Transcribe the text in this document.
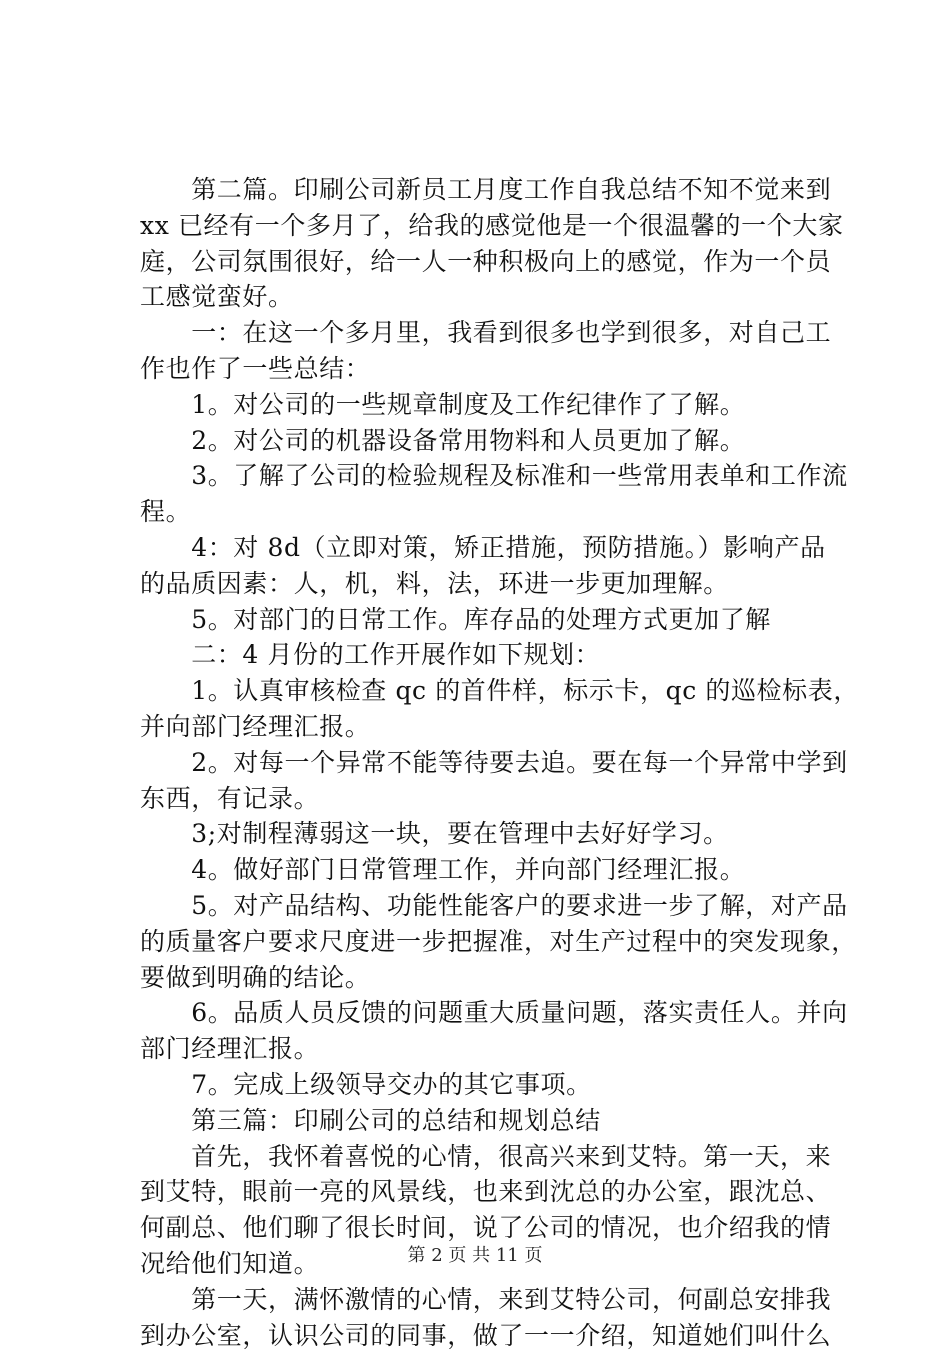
　　第二篇。印刷公司新员工月度工作自我总结不知不觉来到
xx 已经有一个多月了，给我的感觉他是一个很温馨的一个大家
庭，公司氛围很好，给一人一种积极向上的感觉，作为一个员
工感觉蛮好。
　　一：在这一个多月里，我看到很多也学到很多，对自己工
作也作了一些总结：
　　1。对公司的一些规章制度及工作纪律作了了解。
　　2。对公司的机器设备常用物料和人员更加了解。
　　3。了解了公司的检验规程及标准和一些常用表单和工作流
程。
　　4：对 8d（立即对策，矫正措施，预防措施。）影响产品
的品质因素：人，机，料，法，环进一步更加理解。
　　5。对部门的日常工作。库存品的处理方式更加了解
　　二：4 月份的工作开展作如下规划：
　　1。认真审核检查 qc 的首件样，标示卡，qc 的巡检标表，
并向部门经理汇报。
　　2。对每一个异常不能等待要去追。要在每一个异常中学到
东西，有记录。
　　3;对制程薄弱这一块，要在管理中去好好学习。
　　4。做好部门日常管理工作，并向部门经理汇报。
　　5。对产品结构、功能性能客户的要求进一步了解，对产品
的质量客户要求尺度进一步把握准，对生产过程中的突发现象，
要做到明确的结论。
　　6。品质人员反馈的问题重大质量问题，落实责任人。并向
部门经理汇报。
　　7。完成上级领导交办的其它事项。
　　第三篇：印刷公司的总结和规划总结
　　首先，我怀着喜悦的心情，很高兴来到艾特。第一天，来
到艾特，眼前一亮的风景线，也来到沈总的办公室，跟沈总、
何副总、他们聊了很长时间，说了公司的情况，也介绍我的情
况给他们知道。
　　第一天，满怀激情的心情，来到艾特公司，何副总安排我
到办公室，认识公司的同事，做了一一介绍，知道她们叫什么
第 2 页 共 11 页
